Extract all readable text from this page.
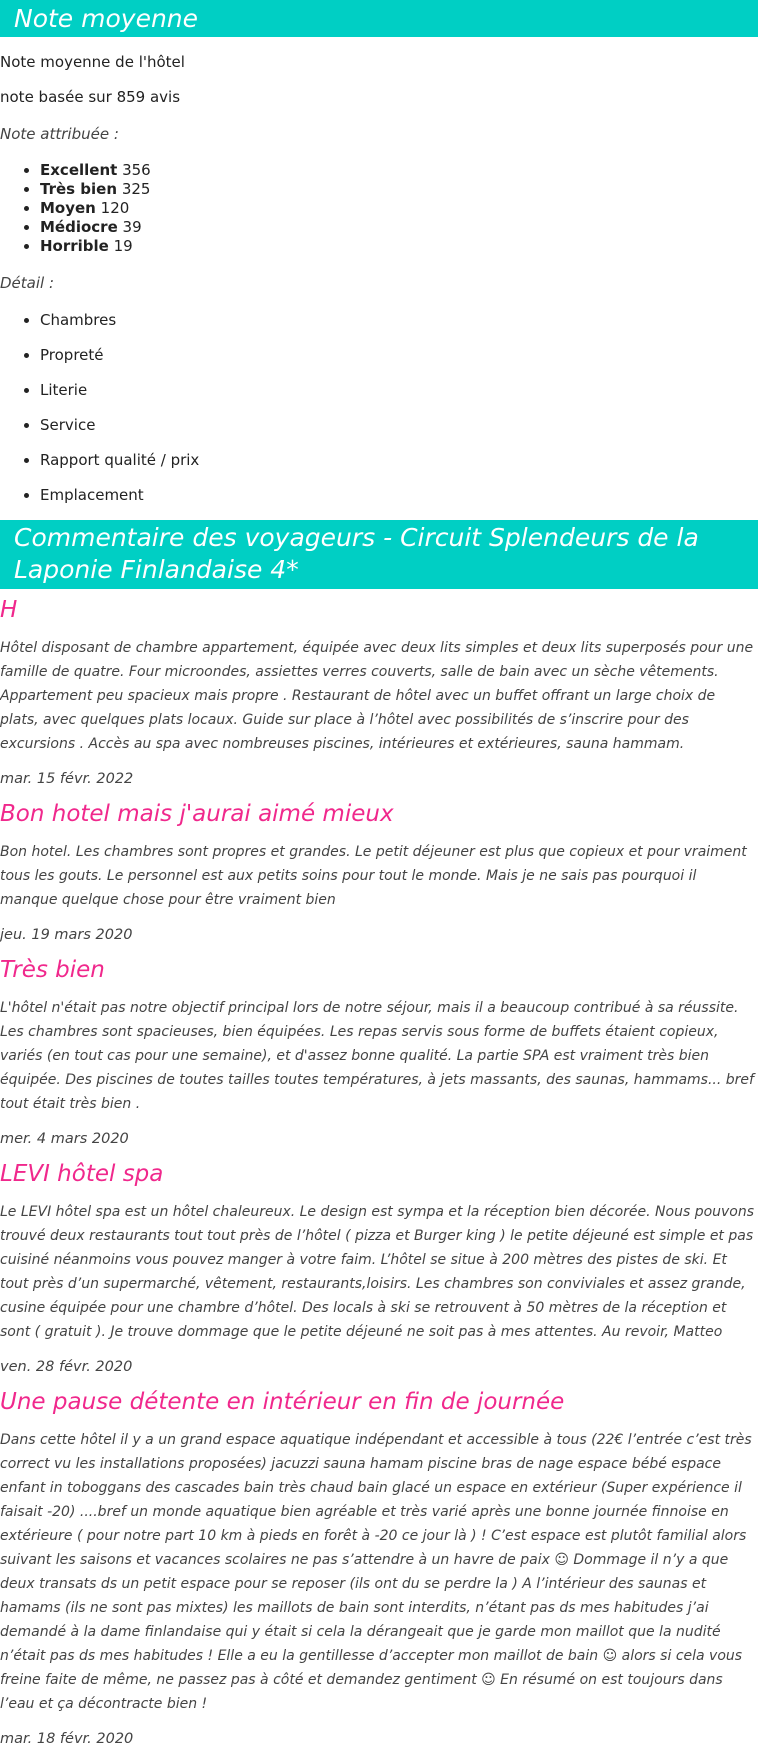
Note moyenne

Note moyenne de l'hôtel

note basée sur 859 avis

Note attribuée :

• Excellent 356
• Très bien 325
• Moyen 120
• Médiocre 39
• Horrible 19

Détail :

• Chambres
• Propreté
• Literie
• Service
• Rapport qualité / prix
• Emplacement
Commentaire des voyageurs - Circuit Splendeurs de la Laponie Finlandaise 4*
H

Hôtel disposant de chambre appartement, équipée avec deux lits simples et deux lits superposés pour une famille de quatre. Four microondes, assiettes verres couverts, salle de bain avec un sèche vêtements. Appartement peu spacieux mais propre . Restaurant de hôtel avec un buffet offrant un large choix de plats, avec quelques plats locaux. Guide sur place à l’hôtel avec possibilités de s’inscrire pour des excursions . Accès au spa avec nombreuses piscines, intérieures et extérieures, sauna hammam.

mar. 15 févr. 2022

Bon hotel mais j'aurai aimé mieux

Bon hotel. Les chambres sont propres et grandes. Le petit déjeuner est plus que copieux et pour vraiment tous les gouts. Le personnel est aux petits soins pour tout le monde. Mais je ne sais pas pourquoi il manque quelque chose pour être vraiment bien

jeu. 19 mars 2020

Très bien

L'hôtel n'était pas notre objectif principal lors de notre séjour, mais il a beaucoup contribué à sa réussite. Les chambres sont spacieuses, bien équipées. Les repas servis sous forme de buffets étaient copieux, variés (en tout cas pour une semaine), et d'assez bonne qualité. La partie SPA est vraiment très bien équipée. Des piscines de toutes tailles toutes températures, à jets massants, des saunas, hammams... bref tout était très bien .

mer. 4 mars 2020

LEVI hôtel spa

Le LEVI hôtel spa est un hôtel chaleureux. Le design est sympa et la réception bien décorée. Nous pouvons trouvé deux restaurants tout tout près de l’hôtel ( pizza et Burger king ) le petite déjeuné est simple et pas cuisiné néanmoins vous pouvez manger à votre faim. L’hôtel se situe à 200 mètres des pistes de ski. Et tout près d’un supermarché, vêtement, restaurants,loisirs. Les chambres son conviviales et assez grande, cusine équipée pour une chambre d’hôtel. Des locals à ski se retrouvent à 50 mètres de la réception et sont ( gratuit ). Je trouve dommage que le petite déjeuné ne soit pas à mes attentes. Au revoir, Matteo

ven. 28 févr. 2020

Une pause détente en intérieur en fin de journée

Dans cette hôtel il y a un grand espace aquatique indépendant et accessible à tous (22€ l’entrée c’est très correct vu les installations proposées) jacuzzi sauna hamam piscine bras de nage espace bébé espace enfant in toboggans des cascades bain très chaud bain glacé un espace en extérieur (Super expérience il faisait -20) ....bref un monde aquatique bien agréable et très varié après une bonne journée finnoise en extérieure ( pour notre part 10 km à pieds en forêt à -20 ce jour là ) ! C’est espace est plutôt familial alors suivant les saisons et vacances scolaires ne pas s’attendre à un havre de paix ☺ Dommage il n’y a que deux transats ds un petit espace pour se reposer (ils ont du se perdre la ) A l’intérieur des saunas et hamams (ils ne sont pas mixtes) les maillots de bain sont interdits, n’étant pas ds mes habitudes j’ai demandé à la dame finlandaise qui y était si cela la dérangeait que je garde mon maillot que la nudité n’était pas ds mes habitudes ! Elle a eu la gentillesse d’accepter mon maillot de bain ☺ alors si cela vous freine faite de même, ne passez pas à côté et demandez gentiment ☺ En résumé on est toujours dans l’eau et ça décontracte bien !

mar. 18 févr. 2020
